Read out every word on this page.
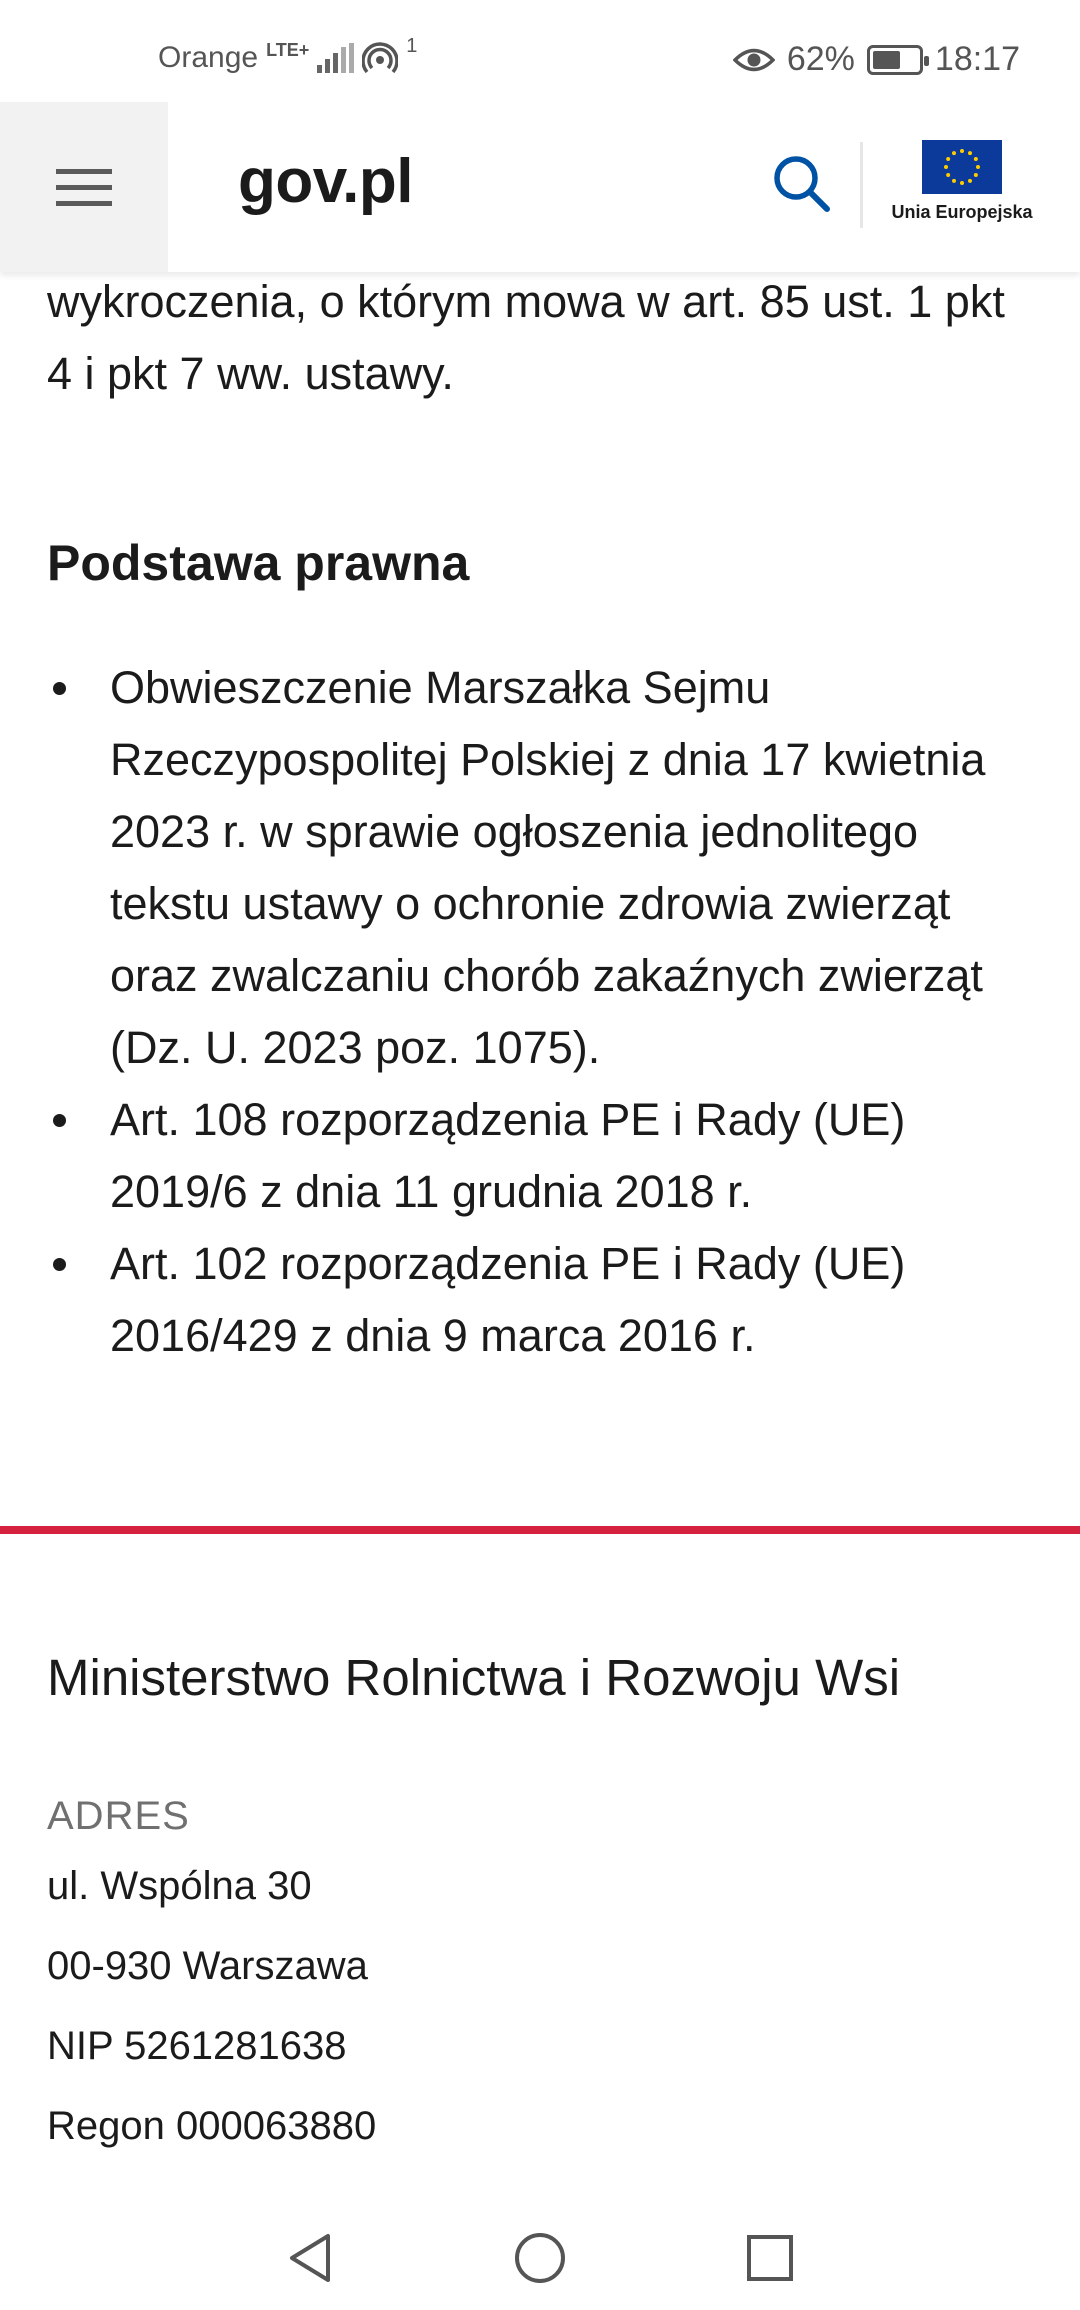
Orange LTE+	1	62% 18:17
gov.pl	Unia Europejska

wykroczenia, o którym mowa w art. 85 ust. 1 pkt 4 i pkt 7 ww. ustawy.

Podstawa prawna
Obwieszczenie Marszałka Sejmu Rzeczypospolitej Polskiej z dnia 17 kwietnia 2023 r. w sprawie ogłoszenia jednolitego tekstu ustawy o ochronie zdrowia zwierząt oraz zwalczaniu chorób zakaźnych zwierząt (Dz. U. 2023 poz. 1075).
Art. 108 rozporządzenia PE i Rady (UE) 2019/6 z dnia 11 grudnia 2018 r.
Art. 102 rozporządzenia PE i Rady (UE) 2016/429 z dnia 9 marca 2016 r.
Ministerstwo Rolnictwa i Rozwoju Wsi
ADRES
ul. Wspólna 30
00-930 Warszawa
NIP 5261281638
Regon 000063880
